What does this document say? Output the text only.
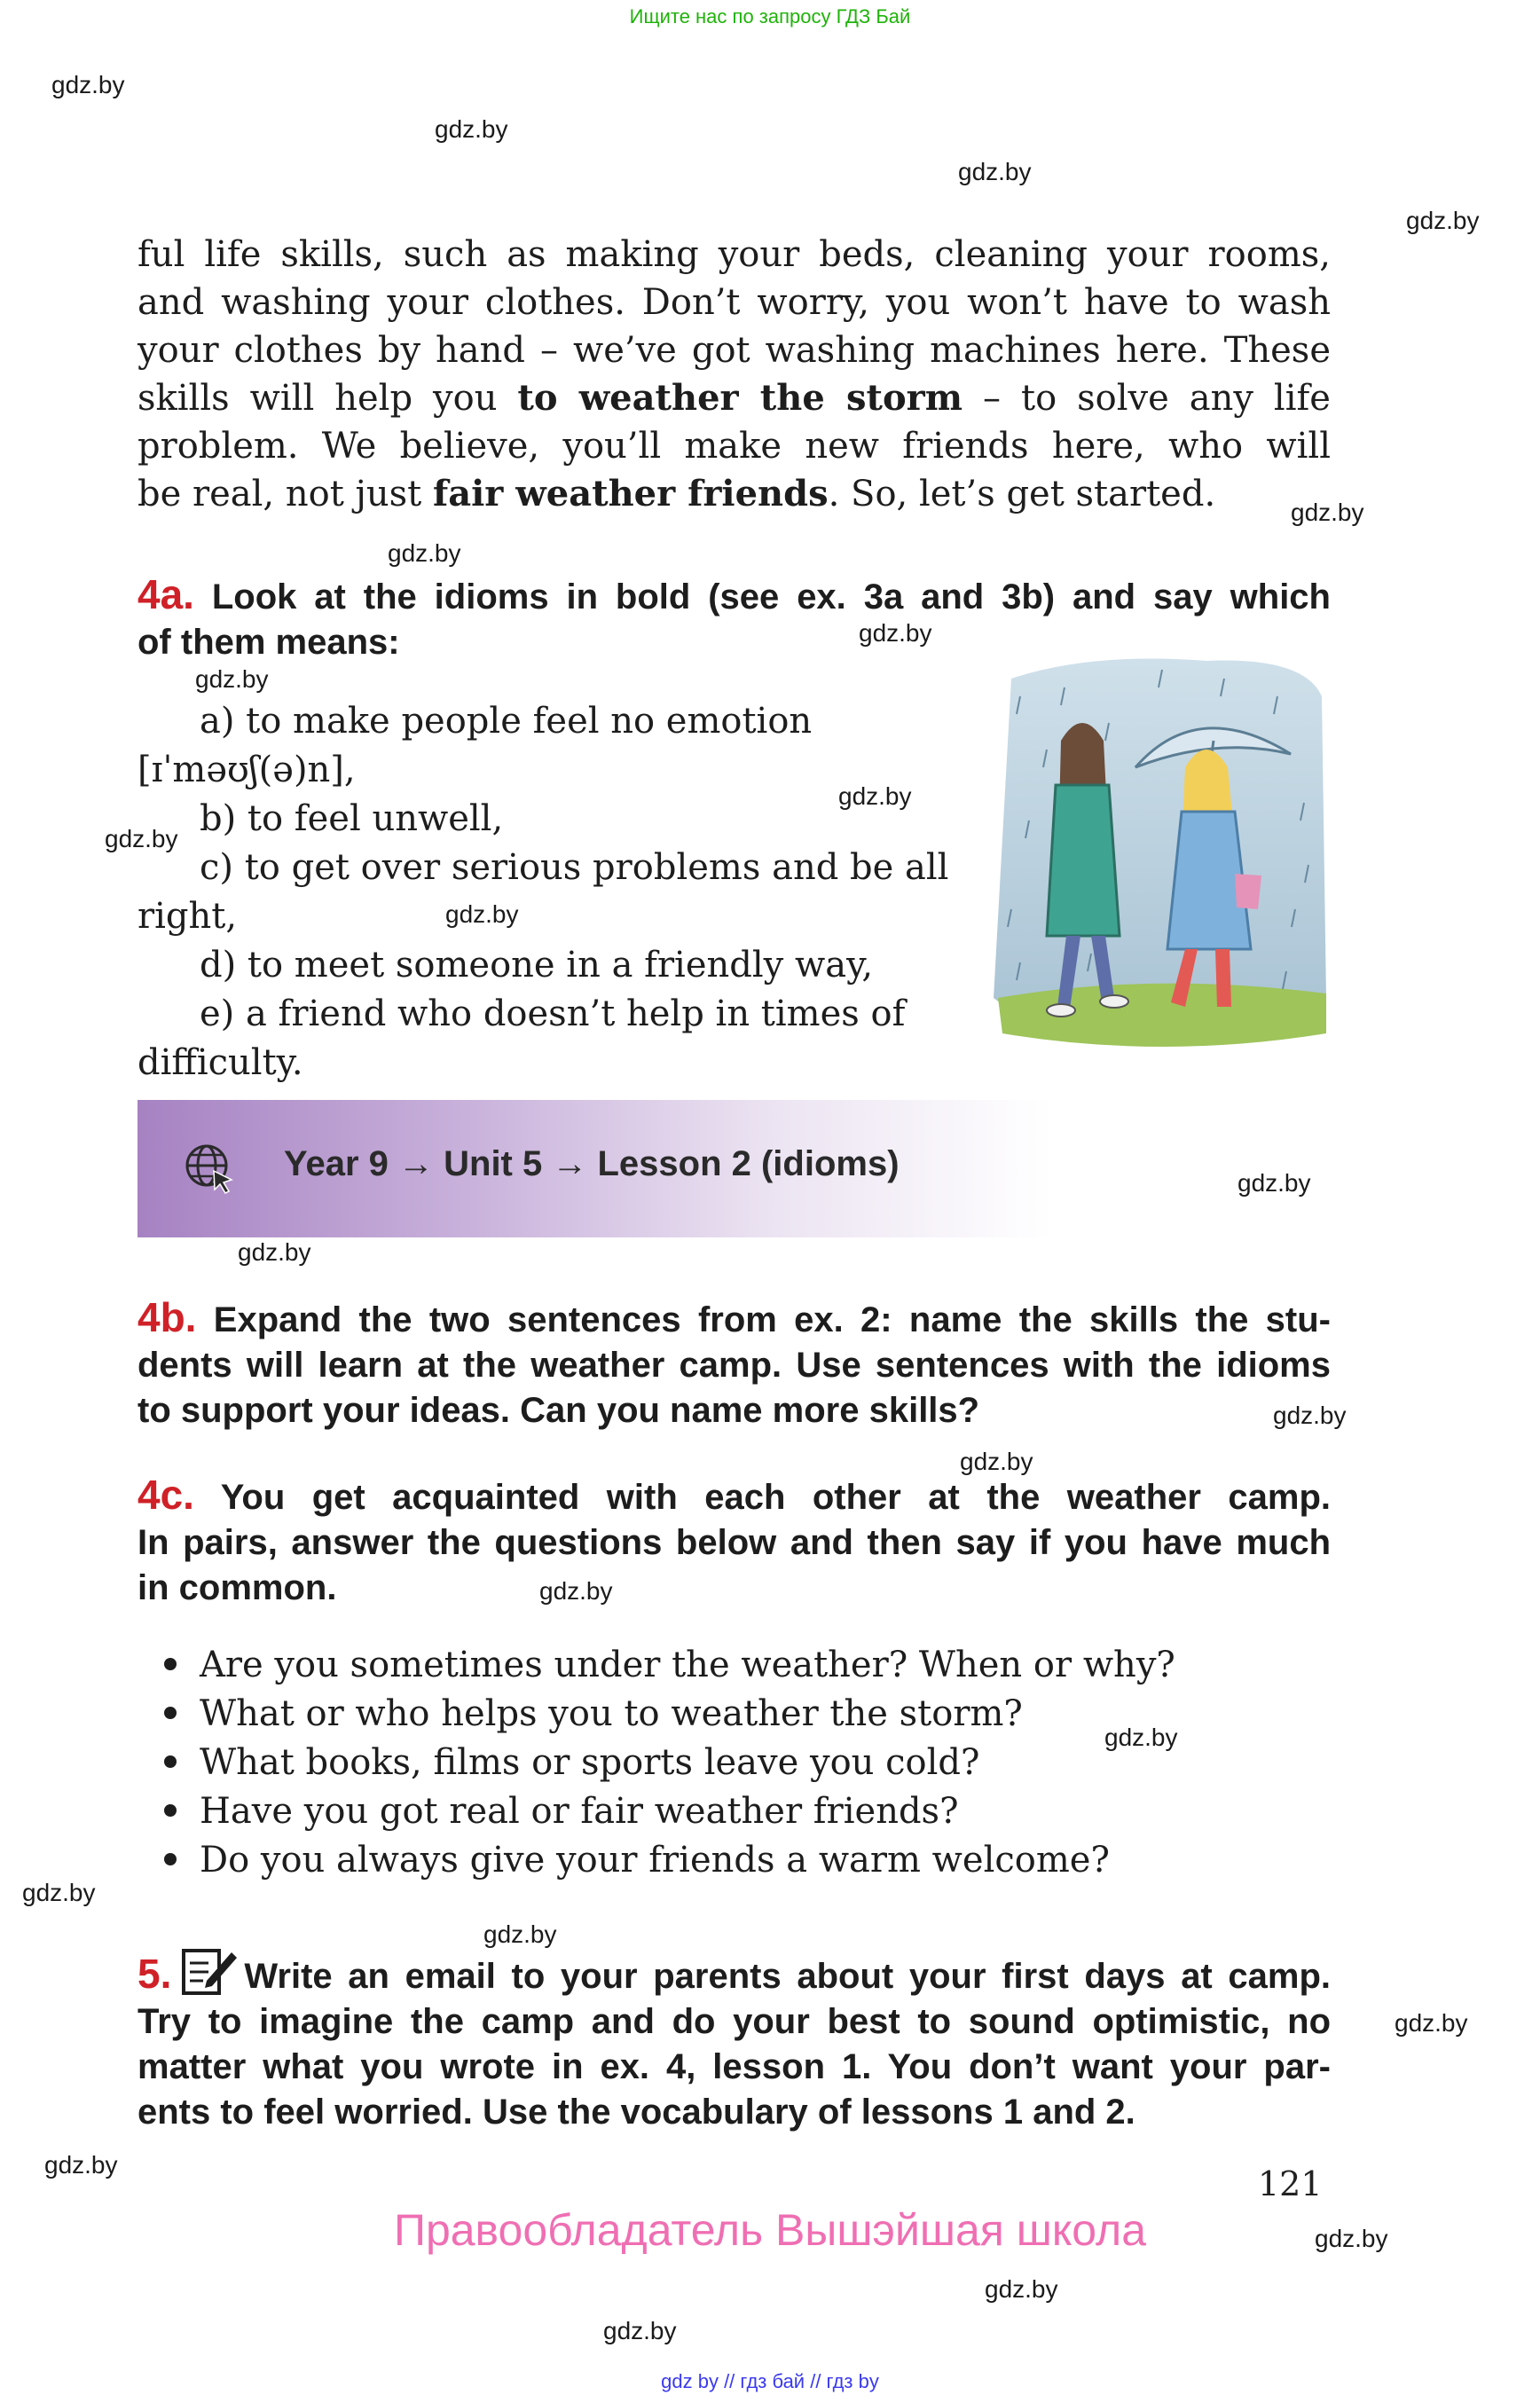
Ищите нас по запросу ГДЗ Бай
gdz.by
gdz.by
gdz.by
gdz.by
gdz.by
gdz.by
gdz.by
gdz.by
gdz.by
gdz.by
gdz.by
gdz.by
gdz.by
gdz.by
gdz.by
gdz.by
gdz.by
gdz.by
gdz.by
gdz.by
gdz.by
gdz.by
gdz.by
gdz.by
ful life skills, such as making your beds, cleaning your rooms,
and washing your clothes. Don’t worry, you won’t have to wash
your clothes by hand – we’ve got washing machines here. These
skills will help you to weather the storm – to solve any life
problem. We believe, you’ll make new friends here, who will
be real, not just fair weather friends. So, let’s get started.
4a. Look at the idioms in bold (see ex. 3a and 3b) and say which
of them means:
a) to make people feel no emotion
[ɪˈməʊʃ(ə)n],
b) to feel unwell,
c) to get over serious problems and be all
right,
d) to meet someone in a friendly way,
e) a friend who doesn’t help in times of
difficulty.
Year 9 → Unit 5 → Lesson 2 (idioms)
4b. Expand the two sentences from ex. 2: name the skills the stu-
dents will learn at the weather camp. Use sentences with the idioms
to support your ideas. Can you name more skills?
4c. You get acquainted with each other at the weather camp.
In pairs, answer the questions below and then say if you have much
in common.
Are you sometimes under the weather? When or why?
What or who helps you to weather the storm?
What books, films or sports leave you cold?
Have you got real or fair weather friends?
Do you always give your friends a warm welcome?
5. Write an email to your parents about your first days at camp.
Try to imagine the camp and do your best to sound optimistic, no
matter what you wrote in ex. 4, lesson 1. You don’t want your par-
ents to feel worried. Use the vocabulary of lessons 1 and 2.
121
Правообладатель Вышэйшая школа
gdz by // гдз бай // гдз by
